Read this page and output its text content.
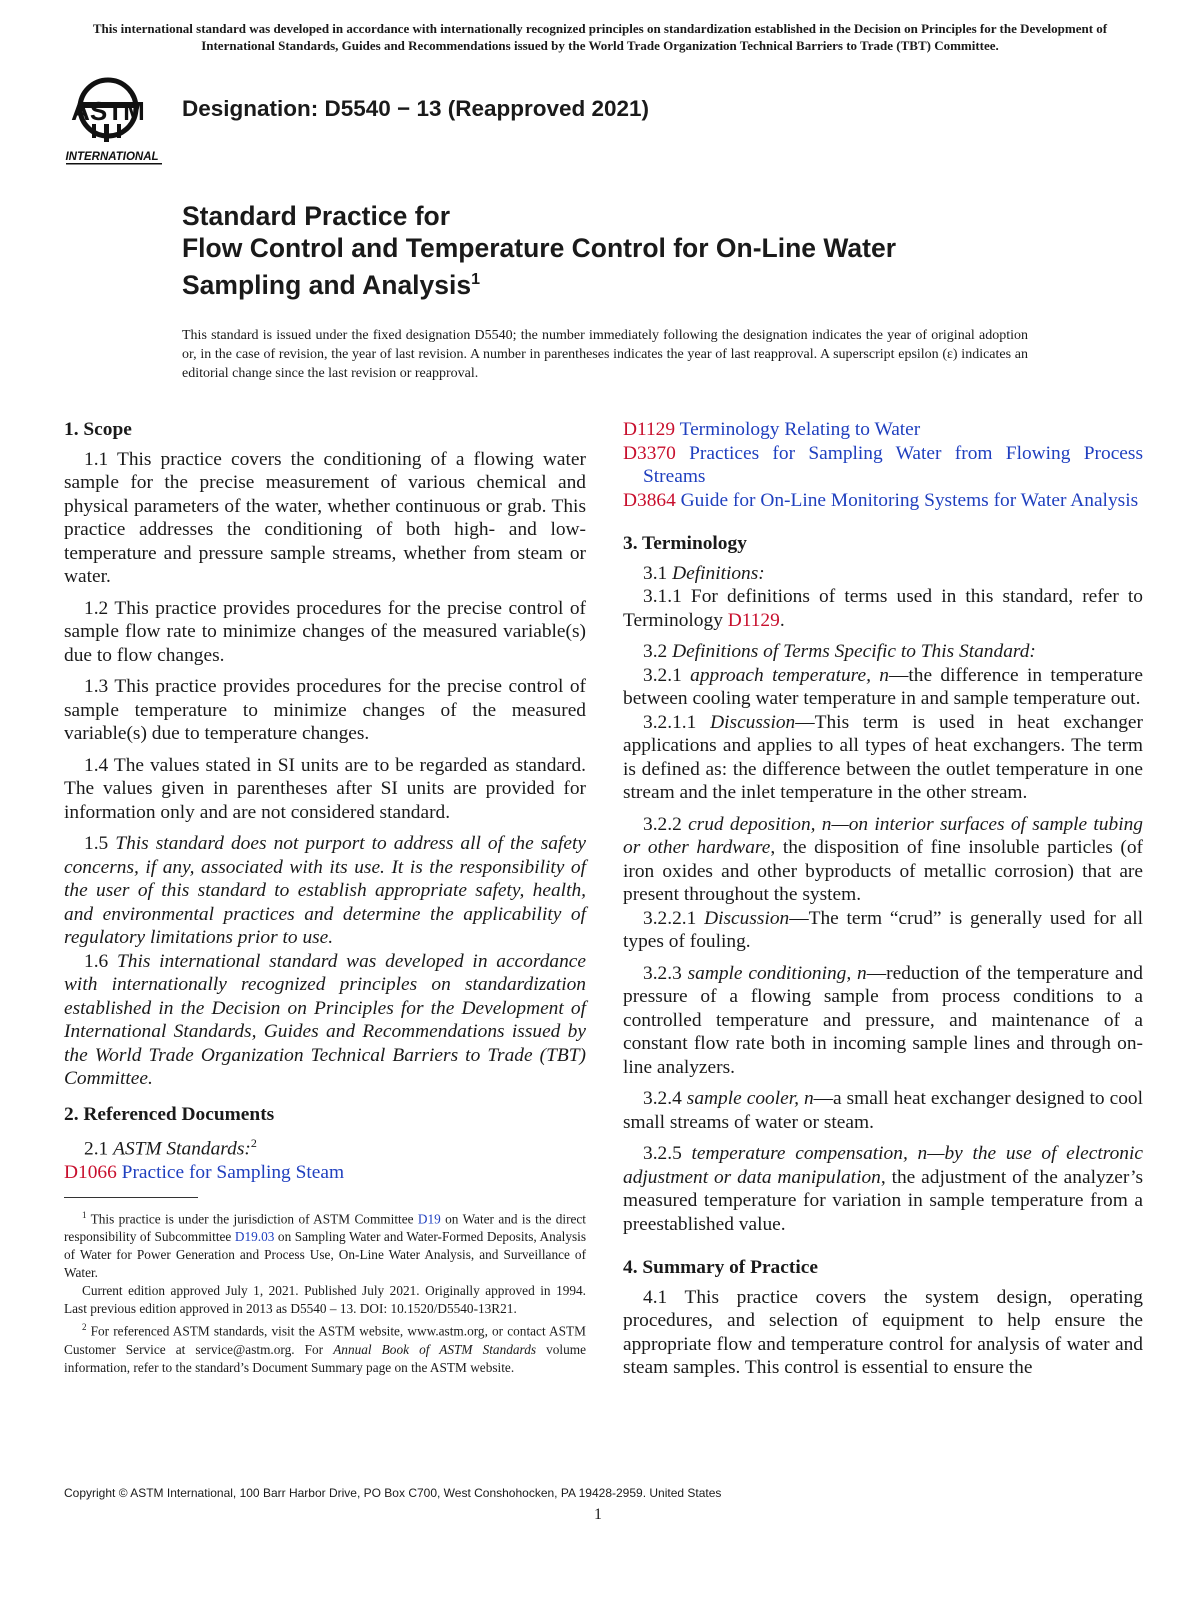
This international standard was developed in accordance with internationally recognized principles on standardization established in the Decision on Principles for the Development of International Standards, Guides and Recommendations issued by the World Trade Organization Technical Barriers to Trade (TBT) Committee.
ASTM
INTERNATIONAL
Designation: D5540 − 13 (Reapproved 2021)
Standard Practice for
Flow Control and Temperature Control for On-Line Water
Sampling and Analysis$^1$
This standard is issued under the fixed designation D5540; the number immediately following the designation indicates the year of original adoption or, in the case of revision, the year of last revision. A number in parentheses indicates the year of last reapproval. A superscript epsilon (ε) indicates an editorial change since the last revision or reapproval.
1. Scope

1.1 This practice covers the conditioning of a flowing water sample for the precise measurement of various chemical and physical parameters of the water, whether continuous or grab. This practice addresses the conditioning of both high- and low-temperature and pressure sample streams, whether from steam or water.

1.2 This practice provides procedures for the precise control of sample flow rate to minimize changes of the measured variable(s) due to flow changes.

1.3 This practice provides procedures for the precise control of sample temperature to minimize changes of the measured variable(s) due to temperature changes.

1.4 The values stated in SI units are to be regarded as standard. The values given in parentheses after SI units are provided for information only and are not considered standard.

1.5 This standard does not purport to address all of the safety concerns, if any, associated with its use. It is the responsibility of the user of this standard to establish appropriate safety, health, and environmental practices and determine the applicability of regulatory limitations prior to use.

1.6 This international standard was developed in accordance with internationally recognized principles on standardization established in the Decision on Principles for the Development of International Standards, Guides and Recommendations issued by the World Trade Organization Technical Barriers to Trade (TBT) Committee.

2. Referenced Documents

2.1 ASTM Standards:$^2$

D1066 Practice for Sampling Steam

$^1$ This practice is under the jurisdiction of ASTM Committee D19 on Water and is the direct responsibility of Subcommittee D19.03 on Sampling Water and Water-Formed Deposits, Analysis of Water for Power Generation and Process Use, On-Line Water Analysis, and Surveillance of Water.

Current edition approved July 1, 2021. Published July 2021. Originally approved in 1994. Last previous edition approved in 2013 as D5540 – 13. DOI: 10.1520/D5540-13R21.

$^2$ For referenced ASTM standards, visit the ASTM website, www.astm.org, or contact ASTM Customer Service at service@astm.org. For Annual Book of ASTM Standards volume information, refer to the standard’s Document Summary page on the ASTM website.

D1129 Terminology Relating to Water
D3370 Practices for Sampling Water from Flowing Process Streams
D3864 Guide for On-Line Monitoring Systems for Water Analysis
3. Terminology

3.1 Definitions:

3.1.1 For definitions of terms used in this standard, refer to Terminology D1129.

3.2 Definitions of Terms Specific to This Standard:

3.2.1 approach temperature, n—the difference in temperature between cooling water temperature in and sample temperature out.

3.2.1.1 Discussion—This term is used in heat exchanger applications and applies to all types of heat exchangers. The term is defined as: the difference between the outlet temperature in one stream and the inlet temperature in the other stream.

3.2.2 crud deposition, n—on interior surfaces of sample tubing or other hardware, the disposition of fine insoluble particles (of iron oxides and other byproducts of metallic corrosion) that are present throughout the system.

3.2.2.1 Discussion—The term “crud” is generally used for all types of fouling.

3.2.3 sample conditioning, n—reduction of the temperature and pressure of a flowing sample from process conditions to a controlled temperature and pressure, and maintenance of a constant flow rate both in incoming sample lines and through on-line analyzers.

3.2.4 sample cooler, n—a small heat exchanger designed to cool small streams of water or steam.

3.2.5 temperature compensation, n—by the use of electronic adjustment or data manipulation, the adjustment of the analyzer’s measured temperature for variation in sample temperature from a preestablished value.

4. Summary of Practice

4.1 This practice covers the system design, operating procedures, and selection of equipment to help ensure the appropriate flow and temperature control for analysis of water and steam samples. This control is essential to ensure the

Copyright © ASTM International, 100 Barr Harbor Drive, PO Box C700, West Conshohocken, PA 19428-2959. United States
1
